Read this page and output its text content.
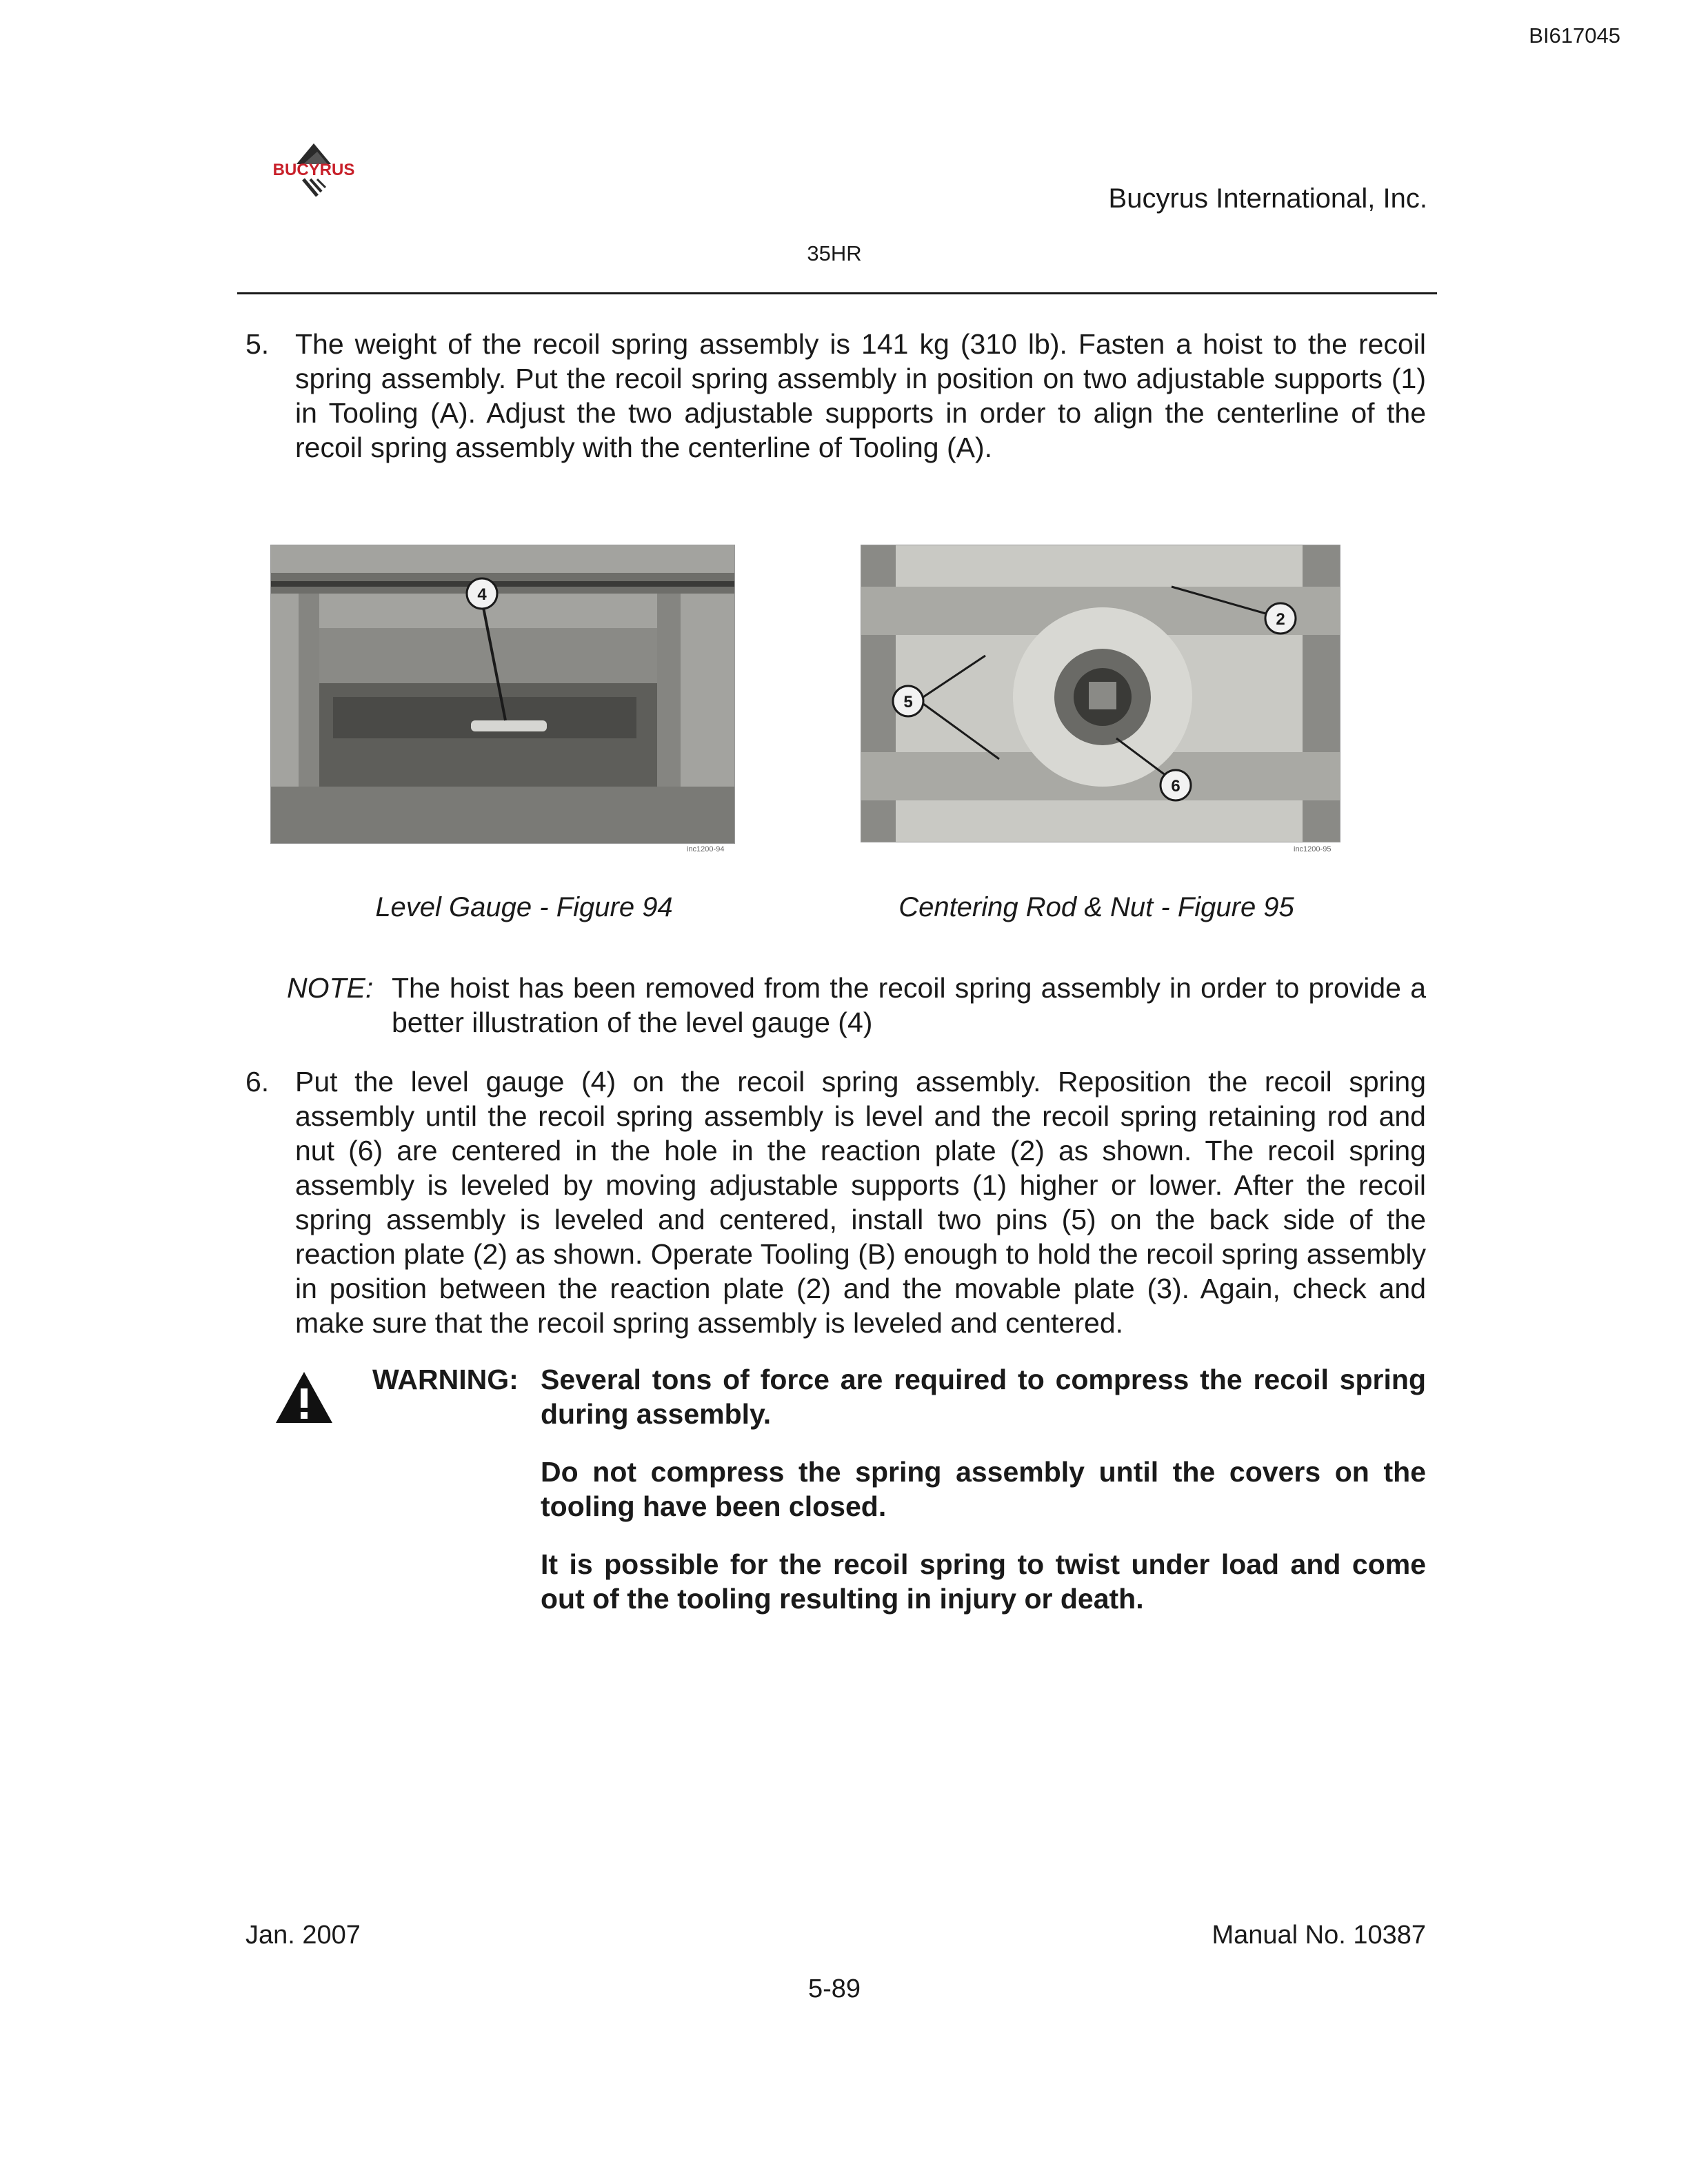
BI617045
BUCYRUS
Bucyrus International, Inc.
35HR
5. The weight of the recoil spring assembly is 141 kg (310 lb). Fasten a hoist to the recoil spring assembly. Put the recoil spring assembly in position on two adjustable supports (1) in Tooling (A). Adjust the two adjustable supports in order to align the centerline of the recoil spring assembly with the centerline of Tooling (A).
4
inc1200-94
2
5
6
inc1200-95
Level Gauge - Figure 94	Centering Rod & Nut - Figure 95
NOTE: The hoist has been removed from the recoil spring assembly in order to provide a better illustration of the level gauge (4)
6. Put the level gauge (4) on the recoil spring assembly. Reposition the recoil spring assembly until the recoil spring assembly is level and the recoil spring retaining rod and nut (6) are centered in the hole in the reaction plate (2) as shown. The recoil spring assembly is leveled by moving adjustable supports (1) higher or lower. After the recoil spring assembly is leveled and centered, install two pins (5) on the back side of the reaction plate (2) as shown. Operate Tooling (B) enough to hold the recoil spring assembly in position between the reaction plate (2) and the movable plate (3). Again, check and make sure that the recoil spring assembly is leveled and centered.
WARNING: Several tons of force are required to compress the recoil spring during assembly.
Do not compress the spring assembly until the covers on the tooling have been closed.
It is possible for the recoil spring to twist under load and come out of the tooling resulting in injury or death.
Jan. 2007	Manual No. 10387
5-89
